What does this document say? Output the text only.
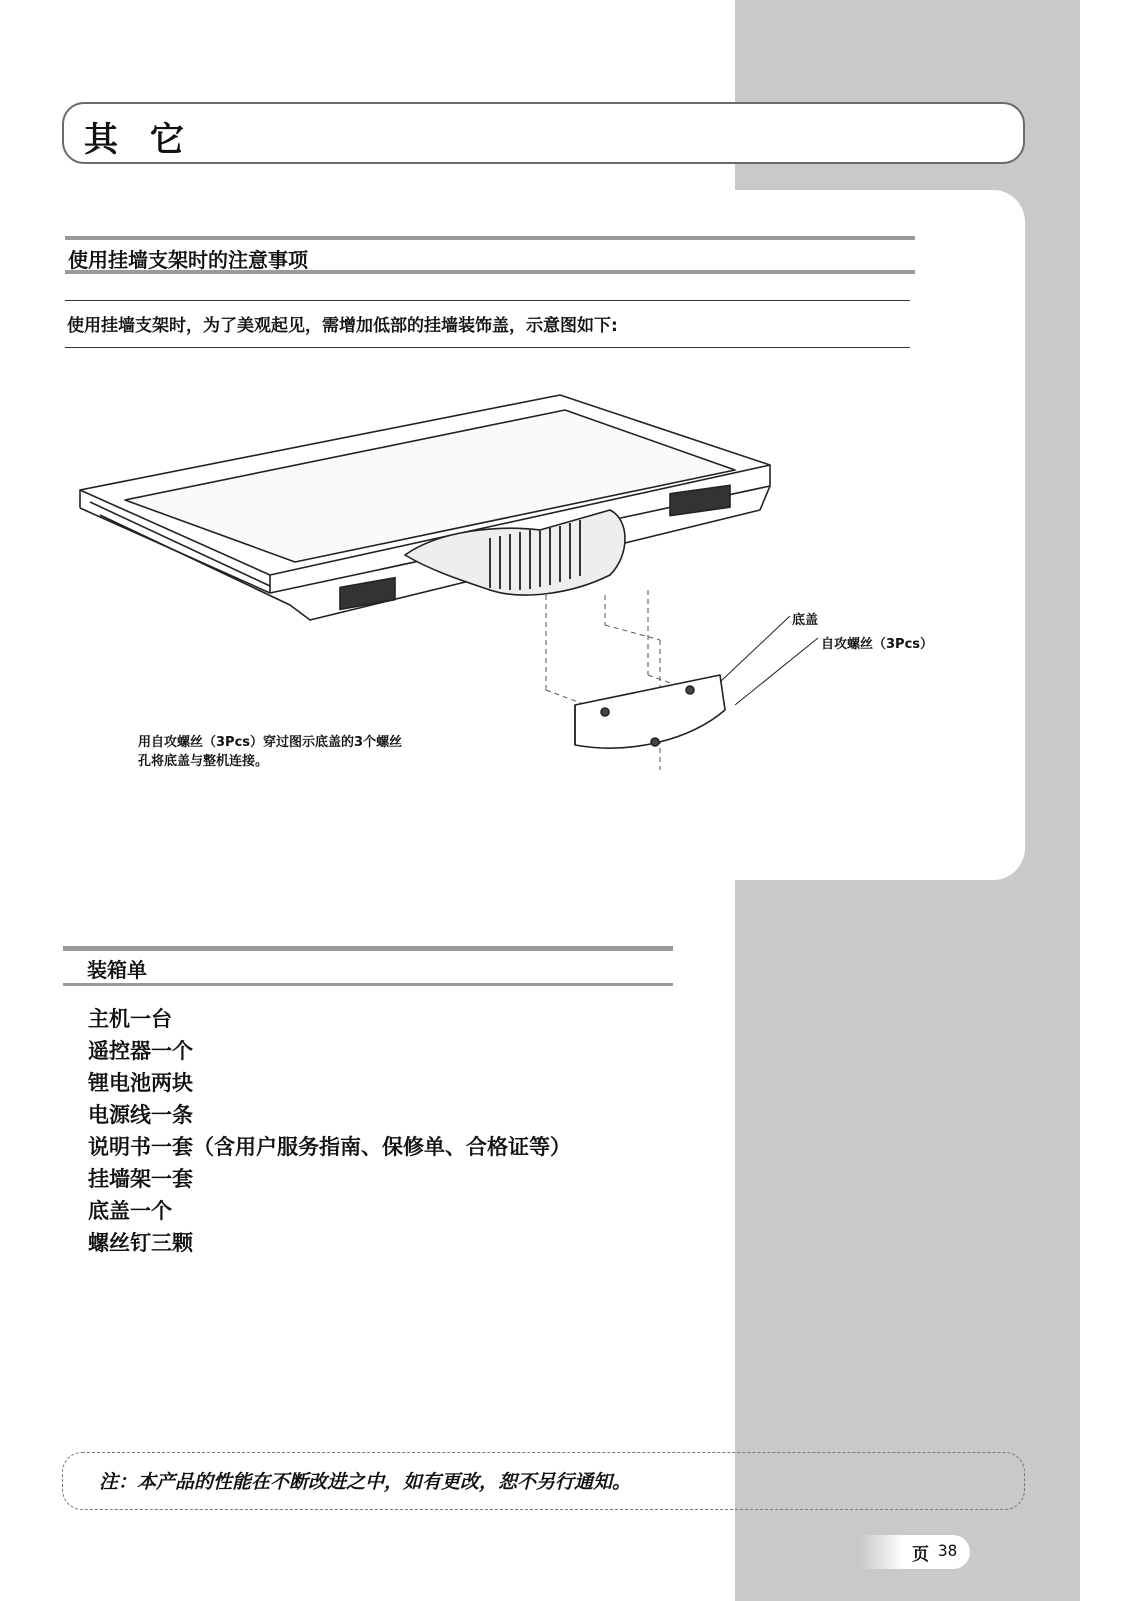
其 它
使用挂墙支架时的注意事项
使用挂墙支架时，为了美观起见，需增加低部的挂墙装饰盖，示意图如下:
底盖
自攻螺丝（3Pcs）
用自攻螺丝（3Pcs）穿过图示底盖的3个螺丝
孔将底盖与整机连接。
装箱单
主机一台
遥控器一个
锂电池两块
电源线一条
说明书一套（含用户服务指南、保修单、合格证等）
挂墙架一套
底盖一个
螺丝钉三颗
注：本产品的性能在不断改进之中，如有更改，恕不另行通知。
页 38
